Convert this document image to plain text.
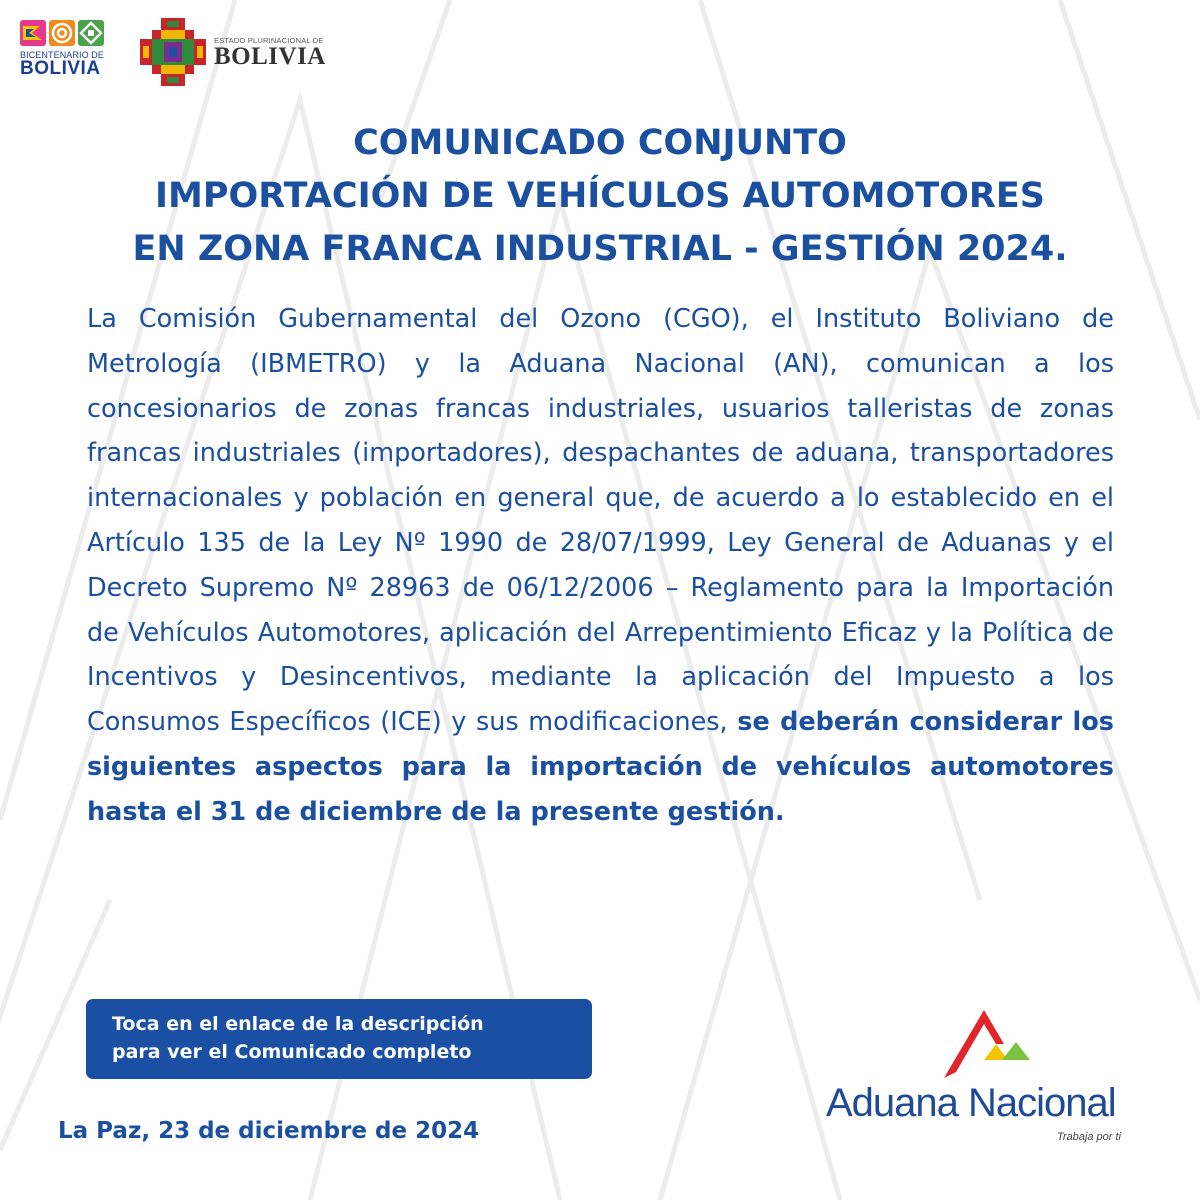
BICENTENARIO DE
BOLIVIA
ESTADO PLURINACIONAL DE
BOLIVIA
COMUNICADO CONJUNTO
IMPORTACIÓN DE VEHÍCULOS AUTOMOTORES
EN ZONA FRANCA INDUSTRIAL - GESTIÓN 2024.
La Comisión Gubernamental del Ozono (CGO), el Instituto Boliviano de Metrología (IBMETRO) y la Aduana Nacional (AN), comunican a los concesionarios de zonas francas industriales, usuarios talleristas de zonas francas industriales (importadores), despachantes de aduana, transportadores internacionales y población en general que, de acuerdo a lo establecido en el Artículo 135 de la Ley Nº 1990 de 28/07/1999, Ley General de Aduanas y el Decreto Supremo Nº 28963 de 06/12/2006 – Reglamento para la Importación de Vehículos Automotores, aplicación del Arrepentimiento Eficaz y la Política de Incentivos y Desincentivos, mediante la aplicación del Impuesto a los Consumos Específicos (ICE) y sus modificaciones, se deberán considerar los siguientes aspectos para la importación de vehículos automotores hasta el 31 de diciembre de la presente gestión.
Toca en el enlace de la descripción
para ver el Comunicado completo
La Paz, 23 de diciembre de 2024
Aduana Nacional
Trabaja por ti
